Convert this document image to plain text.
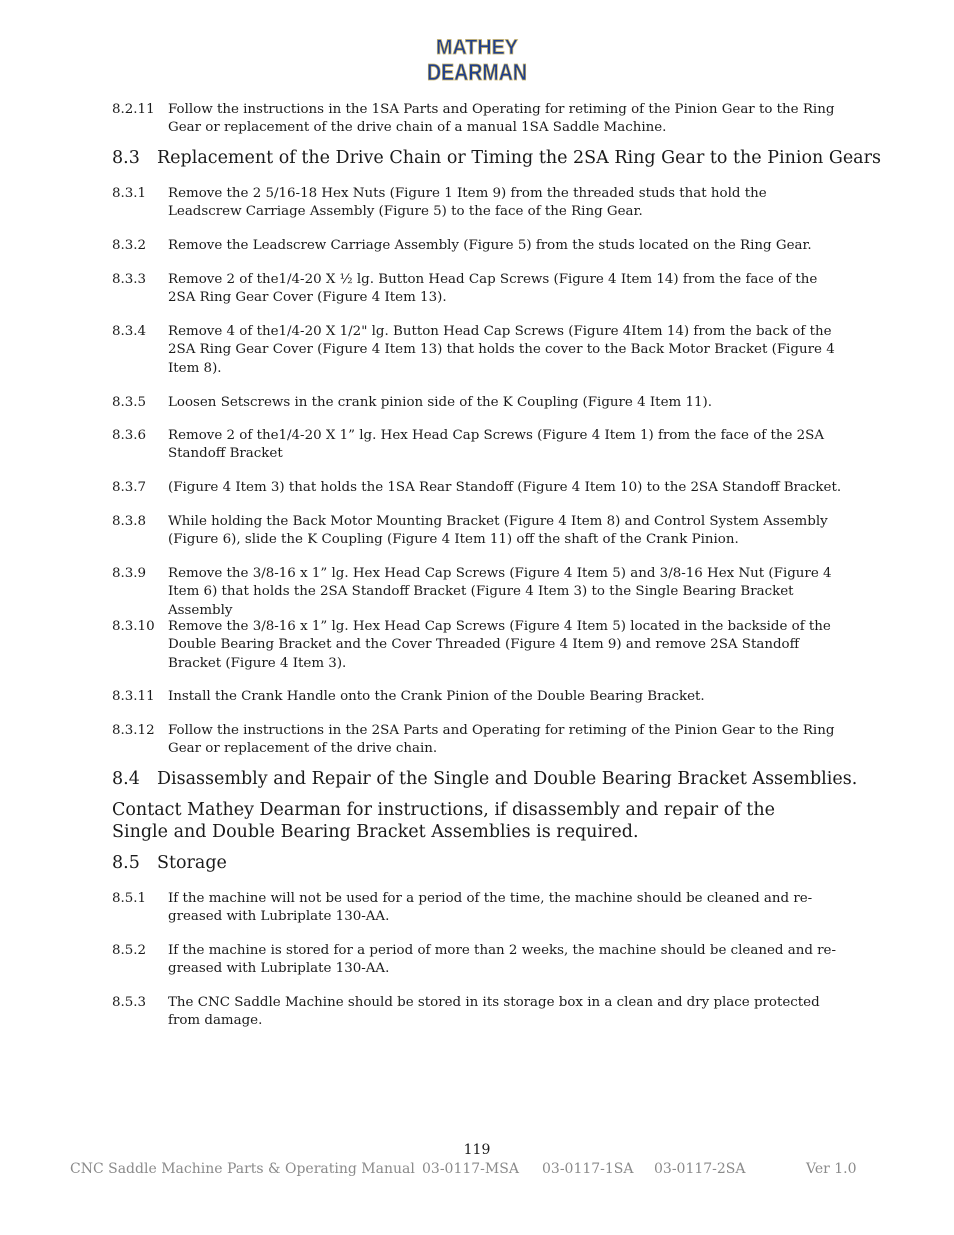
MATHEY
DEARMAN
8.2.11 Follow the instructions in the 1SA Parts and Operating for retiming of the Pinion Gear to the Ring Gear or replacement of the drive chain of a manual 1SA Saddle Machine.
8.3 Replacement of the Drive Chain or Timing the 2SA Ring Gear to the Pinion Gears
8.3.1 Remove the 2 5/16-18 Hex Nuts (Figure 1 Item 9) from the threaded studs that hold the Leadscrew Carriage Assembly (Figure 5) to the face of the Ring Gear.
8.3.2 Remove the Leadscrew Carriage Assembly (Figure 5) from the studs located on the Ring Gear.
8.3.3 Remove 2 of the1/4-20 X ½ lg. Button Head Cap Screws (Figure 4 Item 14) from the face of the 2SA Ring Gear Cover (Figure 4 Item 13).
8.3.4 Remove 4 of the1/4-20 X 1/2" lg. Button Head Cap Screws (Figure 4Item 14) from the back of the 2SA Ring Gear Cover (Figure 4 Item 13) that holds the cover to the Back Motor Bracket (Figure 4 Item 8).
8.3.5 Loosen Setscrews in the crank pinion side of the K Coupling (Figure 4 Item 11).
8.3.6 Remove 2 of the1/4-20 X 1” lg. Hex Head Cap Screws (Figure 4 Item 1) from the face of the 2SA Standoff Bracket
8.3.7 (Figure 4 Item 3) that holds the 1SA Rear Standoff (Figure 4 Item 10) to the 2SA Standoff Bracket.
8.3.8 While holding the Back Motor Mounting Bracket (Figure 4 Item 8) and Control System Assembly (Figure 6), slide the K Coupling (Figure 4 Item 11) off the shaft of the Crank Pinion.
8.3.9 Remove the 3/8-16 x 1” lg. Hex Head Cap Screws (Figure 4 Item 5) and 3/8-16 Hex Nut (Figure 4 Item 6) that holds the 2SA Standoff Bracket (Figure 4 Item 3) to the Single Bearing Bracket Assembly
8.3.10 Remove the 3/8-16 x 1” lg. Hex Head Cap Screws (Figure 4 Item 5) located in the backside of the Double Bearing Bracket and the Cover Threaded (Figure 4 Item 9) and remove 2SA Standoff Bracket (Figure 4 Item 3).
8.3.11 Install the Crank Handle onto the Crank Pinion of the Double Bearing Bracket.
8.3.12 Follow the instructions in the 2SA Parts and Operating for retiming of the Pinion Gear to the Ring Gear or replacement of the drive chain.
8.4 Disassembly and Repair of the Single and Double Bearing Bracket Assemblies.
Contact Mathey Dearman for instructions, if disassembly and repair of the Single and Double Bearing Bracket Assemblies is required.
8.5 Storage
8.5.1 If the machine will not be used for a period of the time, the machine should be cleaned and re-greased with Lubriplate 130-AA.
8.5.2 If the machine is stored for a period of more than 2 weeks, the machine should be cleaned and re-greased with Lubriplate 130-AA.
8.5.3 The CNC Saddle Machine should be stored in its storage box in a clean and dry place protected from damage.
119
CNC Saddle Machine Parts & Operating Manual 03-0117-MSA 03-0117-1SA 03-0117-2SA	Ver 1.0
